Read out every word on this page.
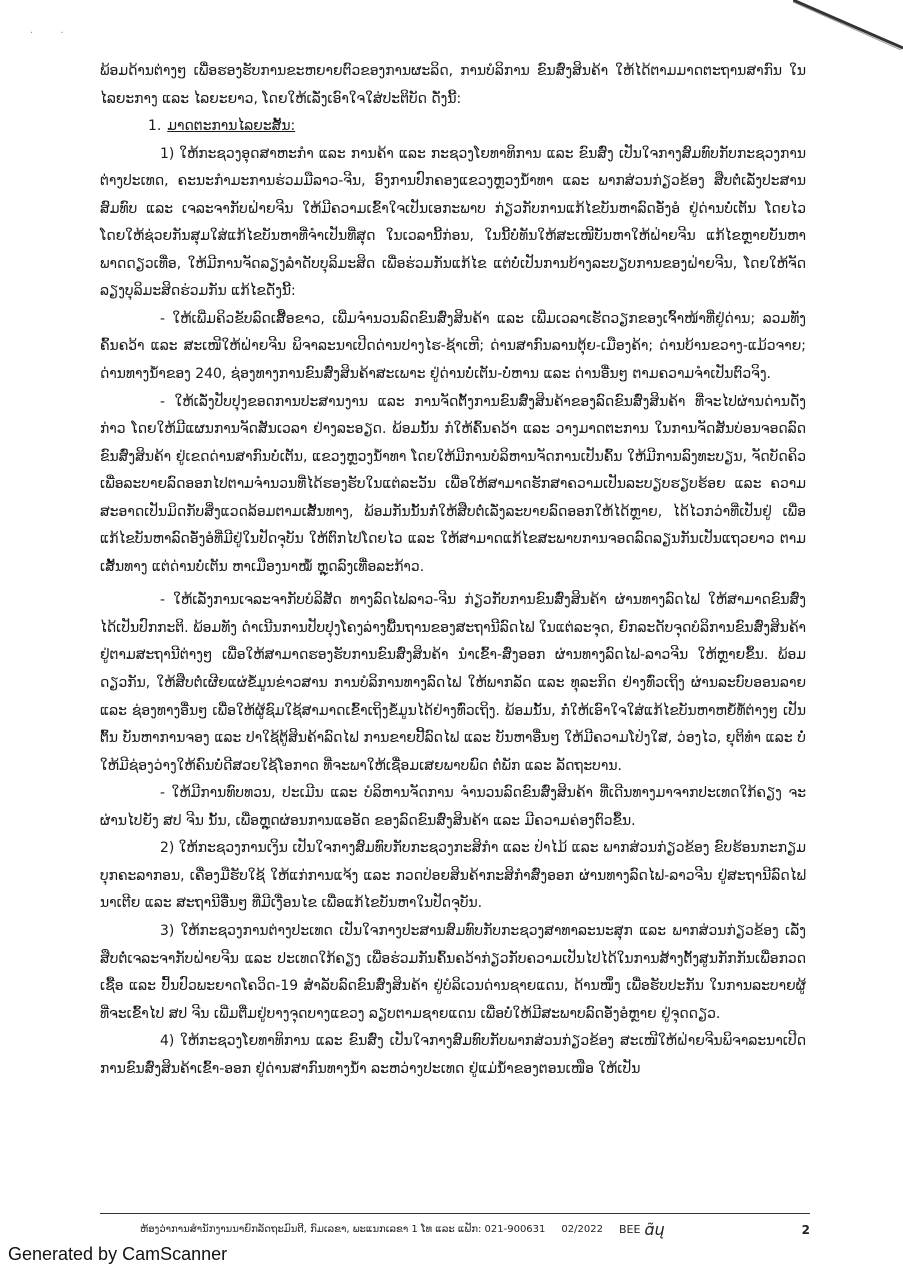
· ·

ພ້ອມດ້ານຕ່າງໆ ເພື່ອຮອງຮັບການຂະຫຍາຍຕົວຂອງການຜະລິດ, ການບໍລິການ ຂົນສົ່ງສິນຄ້າ ໃຫ້ໄດ້ຕາມມາດຕະຖານສາກົນ ໃນໄລຍະກາງ ແລະ ໄລຍະຍາວ, ໂດຍໃຫ້ເລັ່ງເອົາໃຈໃສ່ປະຕິບັດ ດັ່ງນີ້:

1. ມາດຕະການໄລຍະສັ້ນ:

1) ໃຫ້ກະຊວງອຸດສາຫະກຳ ແລະ ການຄ້າ ແລະ ກະຊວງໂຍທາທິການ ແລະ ຂົນສົ່ງ ເປັນໃຈກາງສົມທົບກັບກະຊວງການຕ່າງປະເທດ, ຄະນະກຳມະການຮ່ວມມືລາວ-ຈີນ, ອົງການປົກຄອງແຂວງຫຼວງນ້ຳທາ ແລະ ພາກສ່ວນກ່ຽວຂ້ອງ ສືບຕໍ່ເລັ່ງປະສານສົມທົບ ແລະ ເຈລະຈາກັບຝ່າຍຈີນ ໃຫ້ມີຄວາມເຂົ້າໃຈເປັນເອກະພາບ ກ່ຽວກັບການແກ້ໄຂບັນຫາລົດອັ່ງອໍ ຢູ່ດ່ານບໍ່ເຕັນ ໂດຍໄວ ໂດຍໃຫ້ຊ່ວຍກັນສຸມໃສ່ແກ້ໄຂບັນຫາທີ່ຈຳເປັນທີ່ສຸດ ໃນເວລານີ້ກ່ອນ, ໃນນີ້ບໍ່ທັນໃຫ້ສະເໜີບັນຫາໃຫ້ຝ່າຍຈີນ ແກ້ໄຂຫຼາຍບັນຫາພາດດຽວເທື່ອ, ໃຫ້ມີການຈັດລຽງລຳດັບບຸລິມະສິດ ເພື່ອຮ່ວມກັນແກ້ໄຂ ແຕ່ບໍ່ເປັນການບ້າງລະບຽບການຂອງຝ່າຍຈີນ, ໂດຍໃຫ້ຈັດລຽງບຸລິມະສິດຮ່ວມກັນ ແກ້ໄຂດັ່ງນີ້:

- ໃຫ້ເພີ່ມຄິວຂັບລົດເສື້ອຂາວ, ເພີ່ມຈຳນວນລົດຂົນສົ່ງສິນຄ້າ ແລະ ເພີ່ມເວລາເຮັດວຽກຂອງເຈົ້າໜ້າທີ່ຢູ່ດ່ານ; ລວມທັງຄົ້ນຄວ້າ ແລະ ສະເໜີໃຫ້ຝ່າຍຈີນ ພິຈາລະນາເປີດດ່ານປາງໄຮ-ຊ້າເຫີ; ດ່ານສາກົນລານຕຸ້ຍ-ເມືອງຄ້າ; ດ່ານບ້ານຂວາງ-ແມ້ວຈາຍ; ດ່ານທາງນ້ຳຂອງ 240, ຊ່ອງທາງການຂົນສົ່ງສິນຄ້າສະເພາະ ຢູ່ດ່ານບໍ່ເຕັນ-ບໍ່ຫານ ແລະ ດ່ານອື່ນໆ ຕາມຄວາມຈຳເປັນຕົວຈິງ.

- ໃຫ້ເລັ່ງປັບປຸງຂອດການປະສານງານ ແລະ ການຈັດຕັ້ງການຂົນສົ່ງສິນຄ້າຂອງລົດຂົນສົ່ງສິນຄ້າ ທີ່ຈະໄປຜ່ານດ່ານດັ່ງກ່າວ ໂດຍໃຫ້ມີແຜນການຈັດສັນເວລາ ຢ່າງລະອຽດ. ພ້ອມນັ້ນ ກໍໃຫ້ຄົ້ນຄວ້າ ແລະ ວາງມາດຕະການ ໃນການຈັດສັນບ່ອນຈອດລົດຂົນສົ່ງສິນຄ້າ ຢູ່ເຂດດ່ານສາກົນບໍ່ເຕັນ, ແຂວງຫຼວງນ້ຳທາ ໂດຍໃຫ້ມີການບໍລິຫານຈັດການເປັນຄົ້ນ ໃຫ້ມີການລົງທະບຽນ, ຈັດບັດຄິວ ເພື່ອລະບາຍລົດອອກໄປຕາມຈຳນວນທີ່ໄດ້ຮອງຮັບໃນແຕ່ລະວັນ ເພື່ອໃຫ້ສາມາດຮັກສາຄວາມເປັນລະບຽບຮຽບຮ້ອຍ ແລະ ຄວາມສະອາດເປັນມິດກັບສິ່ງແວດລ້ອມຕາມເສັ້ນທາງ, ພ້ອມກັນນັ້ນກໍ່ໃຫ້ສືບຕໍ່ເລັ່ງລະບາຍລົດອອກໃຫ້ໄດ້ຫຼາຍ, ໄດ້ໄວກວ່າທີ່ເປັນຢູ່ ເພື່ອແກ້ໄຂບັນຫາລົດອັ່ງອໍທີ່ມີຢູ່ໃນປັດຈຸບັນ ໃຫ້ຕົກໄປໂດຍໄວ ແລະ ໃຫ້ສາມາດແກ້ໄຂສະພາບການຈອດລົດລຽນກັນເປັນແຖວຍາວ ຕາມເສັ້ນທາງ ແຕ່ດ່ານບໍ່ເຕັນ ຫາເມືອງນາໝໍ້ ຫຼຸດລົງເທື່ອລະກ້າວ.

- ໃຫ້ເລັ່ງການເຈລະຈາກັບບໍລິສັດ ທາງລົດໄຟລາວ-ຈີນ ກ່ຽວກັບການຂົນສົ່ງສິນຄ້າ ຜ່ານທາງລົດໄຟ ໃຫ້ສາມາດຂົນສົ່ງ ໄດ້ເປັນປົກກະຕິ. ພ້ອມທັງ ດຳເນີນການປັບປຸງໂຄງລ່າງພື້ນຖານຂອງສະຖານີລົດໄຟ ໃນແຕ່ລະຈຸດ, ຍົກລະດັບຈຸດບໍລິການຂົນສົ່ງສິນຄ້າ ຢູ່ຕາມສະຖານີຕ່າງໆ ເພື່ອໃຫ້ສາມາດຮອງຮັບການຂົນສົ່ງສິນຄ້າ ນຳເຂົ້າ-ສົ່ງອອກ ຜ່ານທາງລົດໄຟ-ລາວຈີນ ໃຫ້ຫຼາຍຂຶ້ນ. ພ້ອມດຽວກັນ, ໃຫ້ສືບຕໍ່ເຜີຍແຜ່ຂໍ້ມູນຂ່າວສານ ການບໍລິການທາງລົດໄຟ ໃຫ້ພາກລັດ ແລະ ທຸລະກິດ ຢ່າງທົ່ວເຖິງ ຜ່ານລະບົບອອນລາຍ ແລະ ຊ່ອງທາງອື່ນໆ ເພື່ອໃຫ້ຜູ້ຊົມໃຊ້ສາມາດເຂົ້າເຖິງຂໍ້ມູນໄດ້ຢ່າງທົ່ວເຖິງ. ພ້ອມນັ້ນ, ກໍ່ໃຫ້ເອົາໃຈໃສ່ແກ້ໄຂບັນຫາຫຍໍ້ທໍ້ຕ່າງໆ ເປັນຕົ້ນ ບັນຫາການຈອງ ແລະ ປາໃຊ້ຕູ້ສິນຄ້າລົດໄຟ ການຂາຍປີ້ລົດໄຟ ແລະ ບັນຫາອື່ນໆ ໃຫ້ມີຄວາມໂປ່ງໃສ, ວ່ອງໄວ, ຍຸຕິທຳ ແລະ ບໍ່ໃຫ້ມີຊ່ອງວ່າງໃຫ້ຄົນບໍ່ດີສວຍໃຊ້ໂອກາດ ທີ່ຈະພາໃຫ້ເຊື່ອມເສຍພາບພົດ ຕໍ່ພັກ ແລະ ລັດຖະບານ.

- ໃຫ້ມີການທົບທວນ, ປະເມີນ ແລະ ບໍລິຫານຈັດການ ຈຳນວນລົດຂົນສົ່ງສິນຄ້າ ທີ່ເດີນທາງມາຈາກປະເທດໃກ້ຄຽງ ຈະຜ່ານໄປຍັງ ສປ ຈີນ ນັ້ນ, ເພື່ອຫຼຸດຜ່ອນການແອອັດ ຂອງລົດຂົນສົ່ງສິນຄ້າ ແລະ ມີຄວາມຄ່ອງຕົວຂຶ້ນ.

2) ໃຫ້ກະຊວງການເງິນ ເປັນໃຈກາງສົມທົບກັບກະຊວງກະສິກຳ ແລະ ປ່າໄມ້ ແລະ ພາກສ່ວນກ່ຽວຂ້ອງ ຂົບຮ້ອນກະກຽມບຸກຄະລາກອນ, ເຄື່ອງມືຮັບໃຊ້ ໃຫ້ແກ່ການແຈ້ງ ແລະ ກວດປ່ອຍສິນຄ້າກະສິກຳສົ່ງອອກ ຜ່ານທາງລົດໄຟ-ລາວຈີນ ຢູ່ສະຖານີລົດໄຟນາເຕີຍ ແລະ ສະຖານີອື່ນໆ ທີ່ມີເງື່ອນໄຂ ເພື່ອແກ້ໄຂບັນຫາໃນປັດຈຸບັນ.

3) ໃຫ້ກະຊວງການຕ່າງປະເທດ ເປັນໃຈກາງປະສານສົມທົບກັບກະຊວງສາທາລະນະສຸກ ແລະ ພາກສ່ວນກ່ຽວຂ້ອງ ເລັ່ງສືບຕໍ່ເຈລະຈາກັບຝ່າຍຈີນ ແລະ ປະເທດໃກ້ຄຽງ ເພື່ອຮ່ວມກັນຄົ້ນຄວ້າກ່ຽວກັບຄວາມເປັນໄປໄດ້ໃນການສ້າງຕັ້ງສູນກັກກັນເພື່ອກວດເຊື້ອ ແລະ ປົ້ນປົວພະຍາດໂຄວິດ-19 ສຳລັບລົດຂົນສົ່ງສິນຄ້າ ຢູ່ບໍລິເວນດ່ານຊາຍແດນ, ດ້ານໜຶ່ງ ເພື່ອຮັບປະກັນ ໃນການລະບາຍຜູ້ທີ່ຈະເຂົ້າໄປ ສປ ຈີນ ເພີ່ມຕື່ມຢູ່ບາງຈຸດບາງແຂວງ ລຽບຕາມຊາຍແດນ ເພື່ອບໍ່ໃຫ້ມີສະພາບລົດອັ່ງອໍຫຼາຍ ຢູ່ຈຸດດຽວ.

4) ໃຫ້ກະຊວງໂຍທາທິການ ແລະ ຂົນສົ່ງ ເປັນໃຈກາງສົມທົບກັບພາກສ່ວນກ່ຽວຂ້ອງ ສະເໜີໃຫ້ຝ່າຍຈີນພິຈາລະນາເປີດການຂົນສົ່ງສິນຄ້າເຂົ້າ-ອອກ ຢູ່ດ່ານສາກົນທາງນ້ຳ ລະຫວ່າງປະເທດ ຢູ່ແມ່ນ້ຳຂອງຕອນເໜືອ ໃຫ້ເປັນ

ຫ້ອງວ່າການສຳນັກງານນາຍົກລັດຖະມົນຕີ, ກົມເລຂາ, ພະແນກເລຂາ 1 ໂທ ແລະ ແຟັກ: 021-900631 02/2022 BEE ɑ̃ų	2
Generated by CamScanner
